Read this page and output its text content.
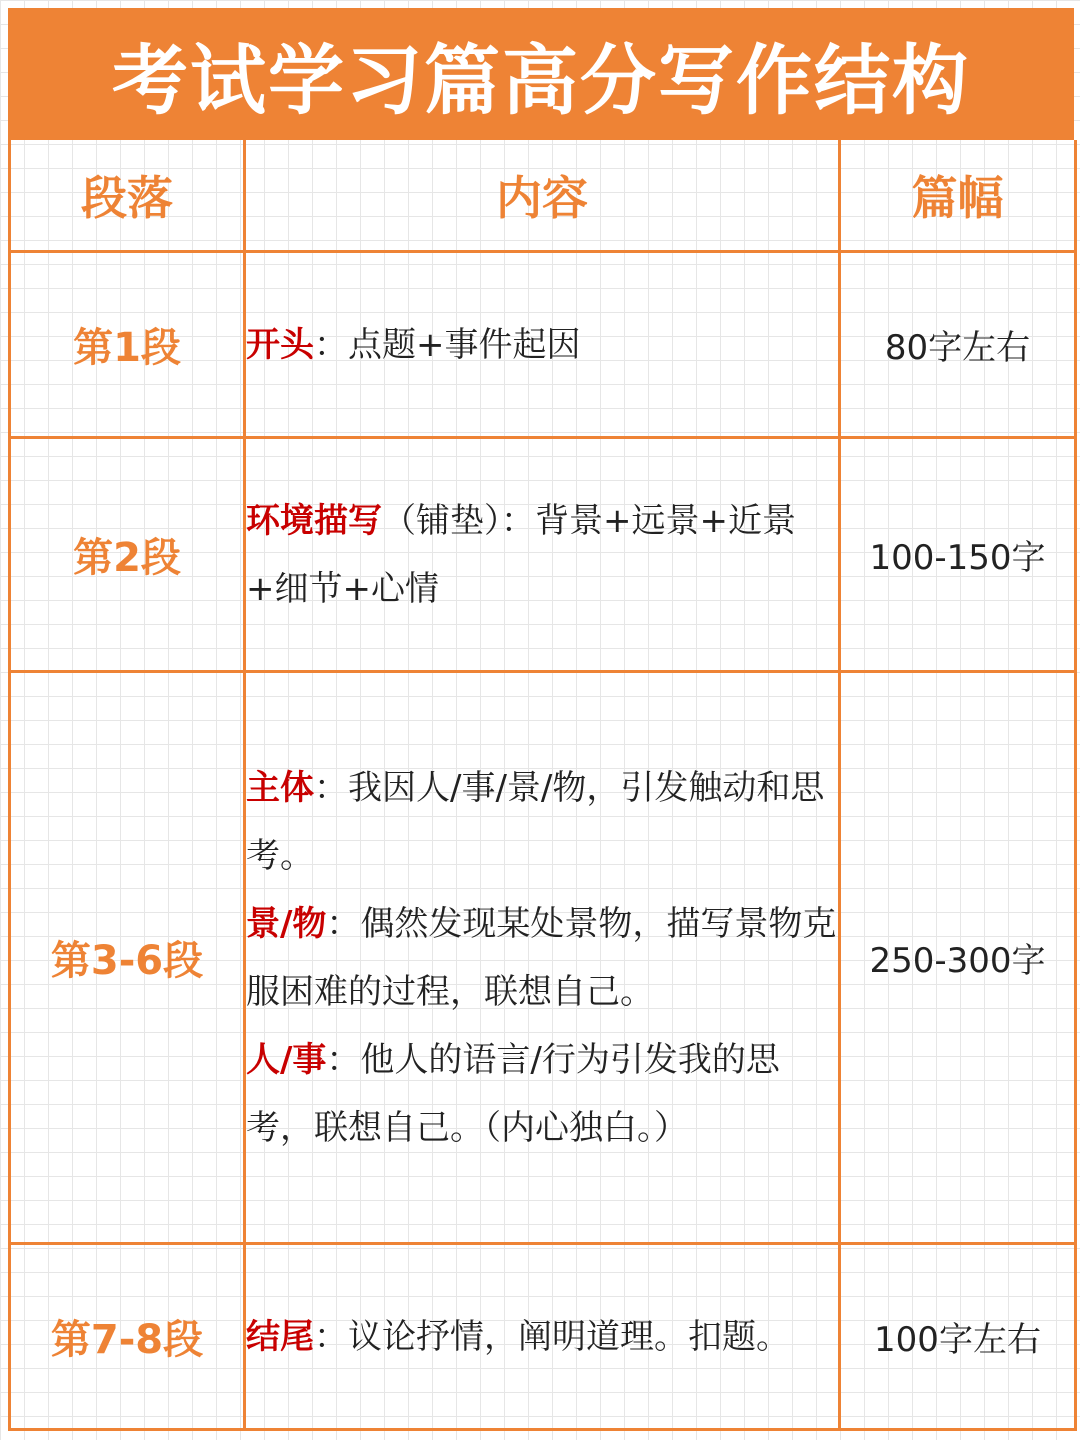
考试学习篇高分写作结构
段落	内容	篇幅
第1段	开头：点题+事件起因	80字左右
第2段	环境描写（铺垫）：背景+远景+近景+细节+心情	100-150字
第3-6段	主体：我因人/事/景/物，引发触动和思考。
景/物：偶然发现某处景物，描写景物克服困难的过程，联想自己。
人/事：他人的语言/行为引发我的思考，联想自己。（内心独白。）	250-300字
第7-8段	结尾：议论抒情，阐明道理。扣题。	100字左右
